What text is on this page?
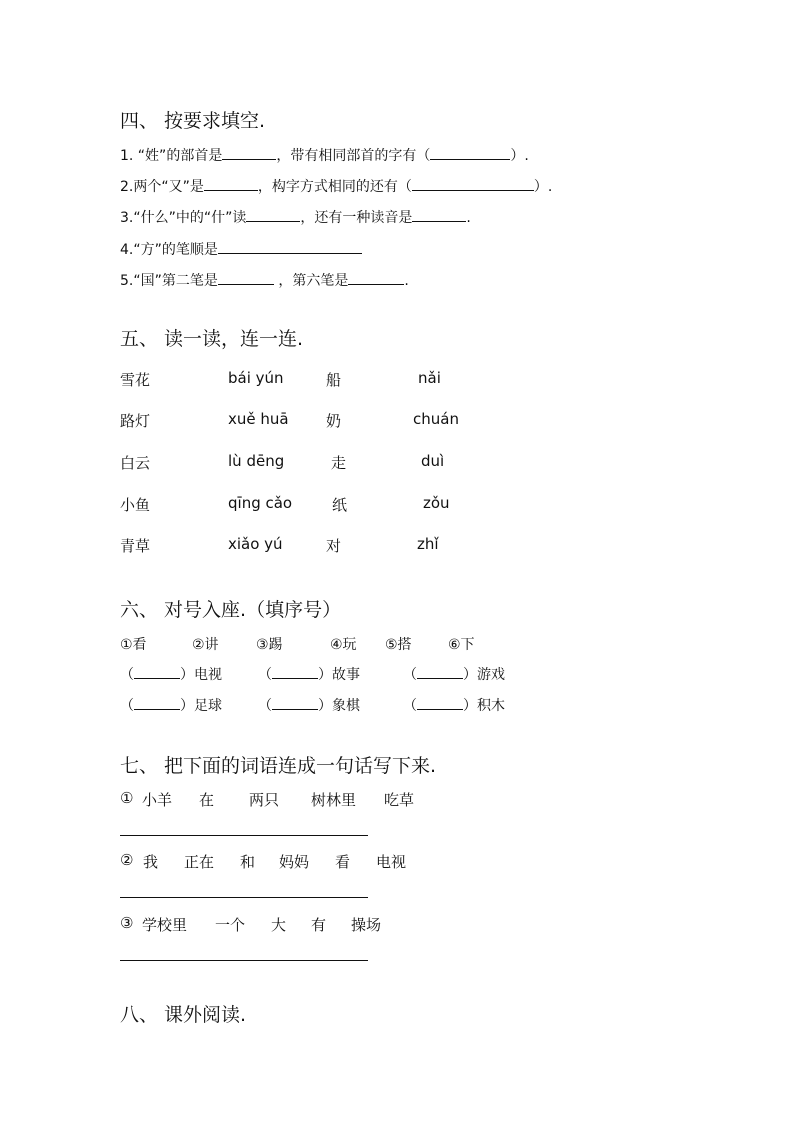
四、 按要求填空.
1. “姓”的部首是	，带有相同部首的字有（	）.
2.两个“又”是	，构字方式相同的还有（	）.
3.“什么”中的“什”读	，还有一种读音是	.
4.“方”的笔顺是
5.“国”第二笔是	，第六笔是	.
五、 读一读，连一连.
雪花	bái yún	船	nǎi
路灯	xuě huā 奶	chuán
白云	lù dēng	走	duì
小鱼	qīng cǎo	纸	zǒu
青草	xiǎo yú	对	zhǐ
六、 对号入座.（填序号）
①看	②讲	③踢	④玩 ⑤搭	⑥下
（	）电视	（	）故事	（	）游戏
（	）足球	（	）象棋	（	）积木
七、 把下面的词语连成一句话写下来.
① 小羊 在 两只 树林里 吃草
② 我 正在 和 妈妈 看 电视
③ 学校里 一个 大 有 操场
八、 课外阅读.
